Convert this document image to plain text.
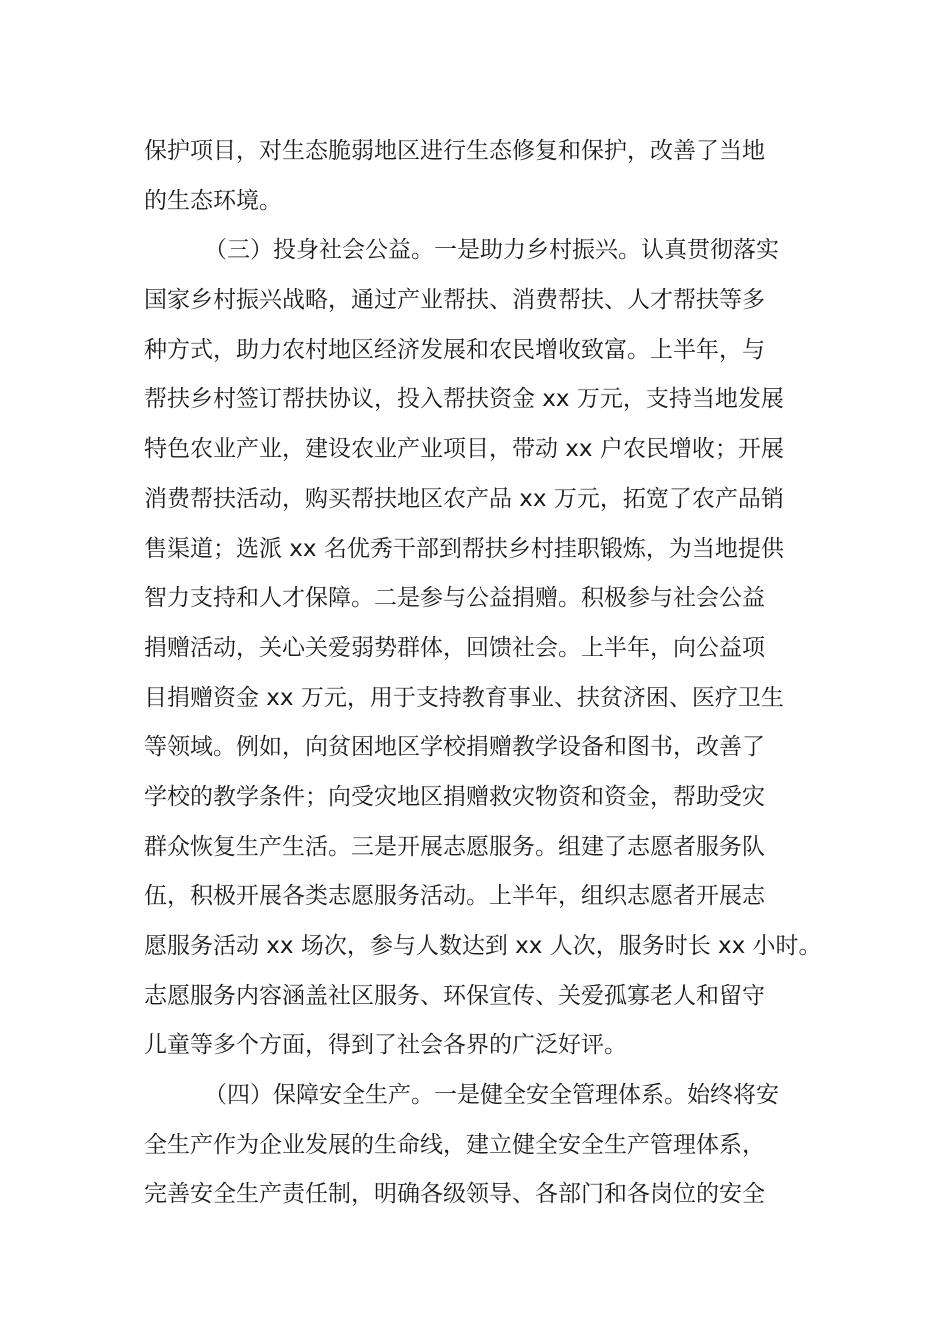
保护项目，对生态脆弱地区进行生态修复和保护，改善了当地
的生态环境。
（三）投身社会公益。一是助力乡村振兴。认真贯彻落实
国家乡村振兴战略，通过产业帮扶、消费帮扶、人才帮扶等多
种方式，助力农村地区经济发展和农民增收致富。上半年，与
帮扶乡村签订帮扶协议，投入帮扶资金 xx 万元，支持当地发展
特色农业产业，建设农业产业项目，带动 xx 户农民增收；开展
消费帮扶活动，购买帮扶地区农产品 xx 万元，拓宽了农产品销
售渠道；选派 xx 名优秀干部到帮扶乡村挂职锻炼，为当地提供
智力支持和人才保障。二是参与公益捐赠。积极参与社会公益
捐赠活动，关心关爱弱势群体，回馈社会。上半年，向公益项
目捐赠资金 xx 万元，用于支持教育事业、扶贫济困、医疗卫生
等领域。例如，向贫困地区学校捐赠教学设备和图书，改善了
学校的教学条件；向受灾地区捐赠救灾物资和资金，帮助受灾
群众恢复生产生活。三是开展志愿服务。组建了志愿者服务队
伍，积极开展各类志愿服务活动。上半年，组织志愿者开展志
愿服务活动 xx 场次，参与人数达到 xx 人次，服务时长 xx 小时。
志愿服务内容涵盖社区服务、环保宣传、关爱孤寡老人和留守
儿童等多个方面，得到了社会各界的广泛好评。
（四）保障安全生产。一是健全安全管理体系。始终将安
全生产作为企业发展的生命线，建立健全安全生产管理体系，
完善安全生产责任制，明确各级领导、各部门和各岗位的安全
